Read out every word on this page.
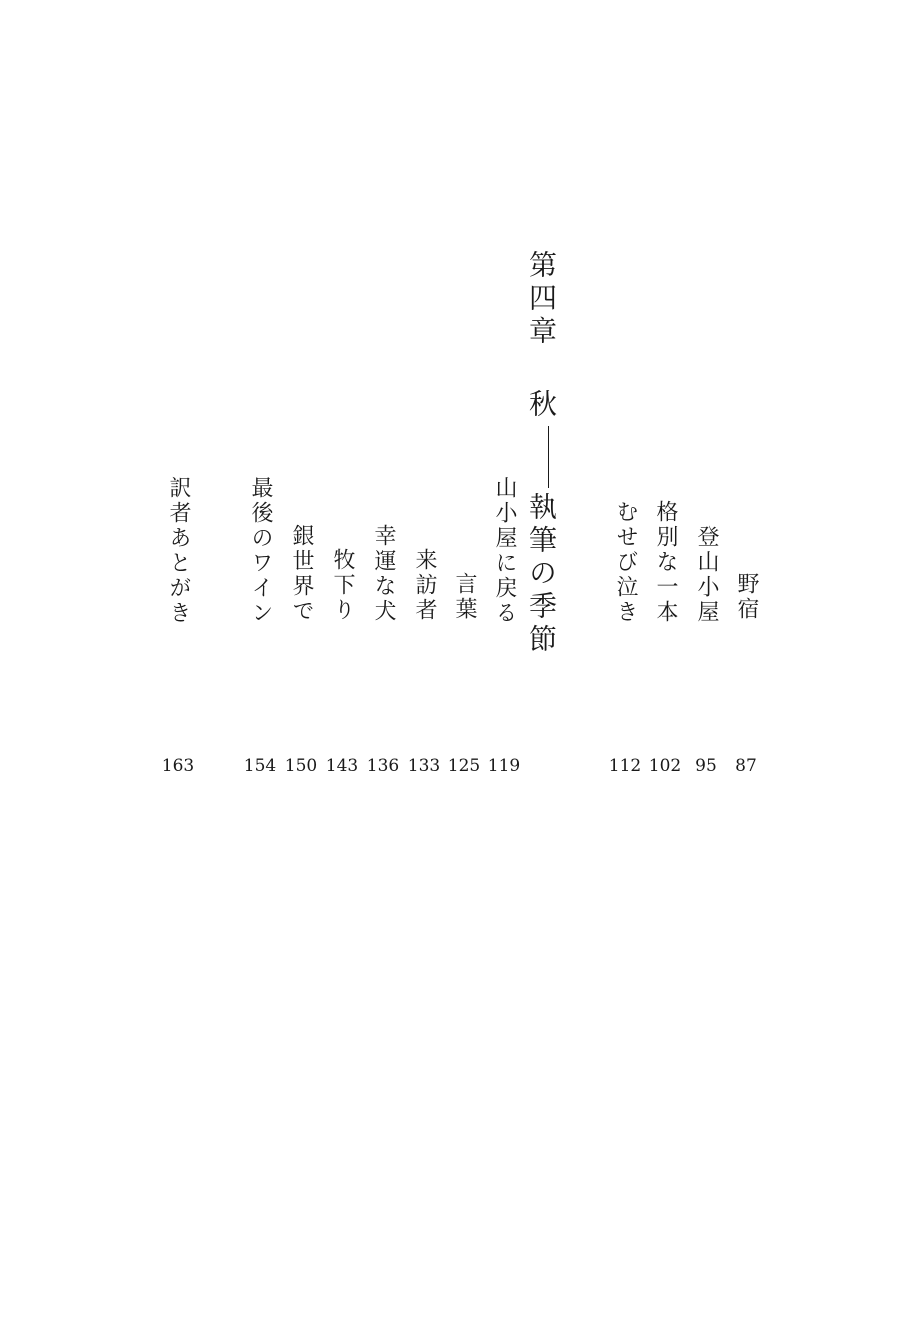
第四章秋執筆の季節	野宿
登山小屋
格別な一本
むせび泣き
山小屋に戻る
言葉
来訪者
幸運な犬
牧下り
銀世界で
最後のワイン
訳者あとがき
87
95
102
112
119
125
133
136
143
150
154
163
